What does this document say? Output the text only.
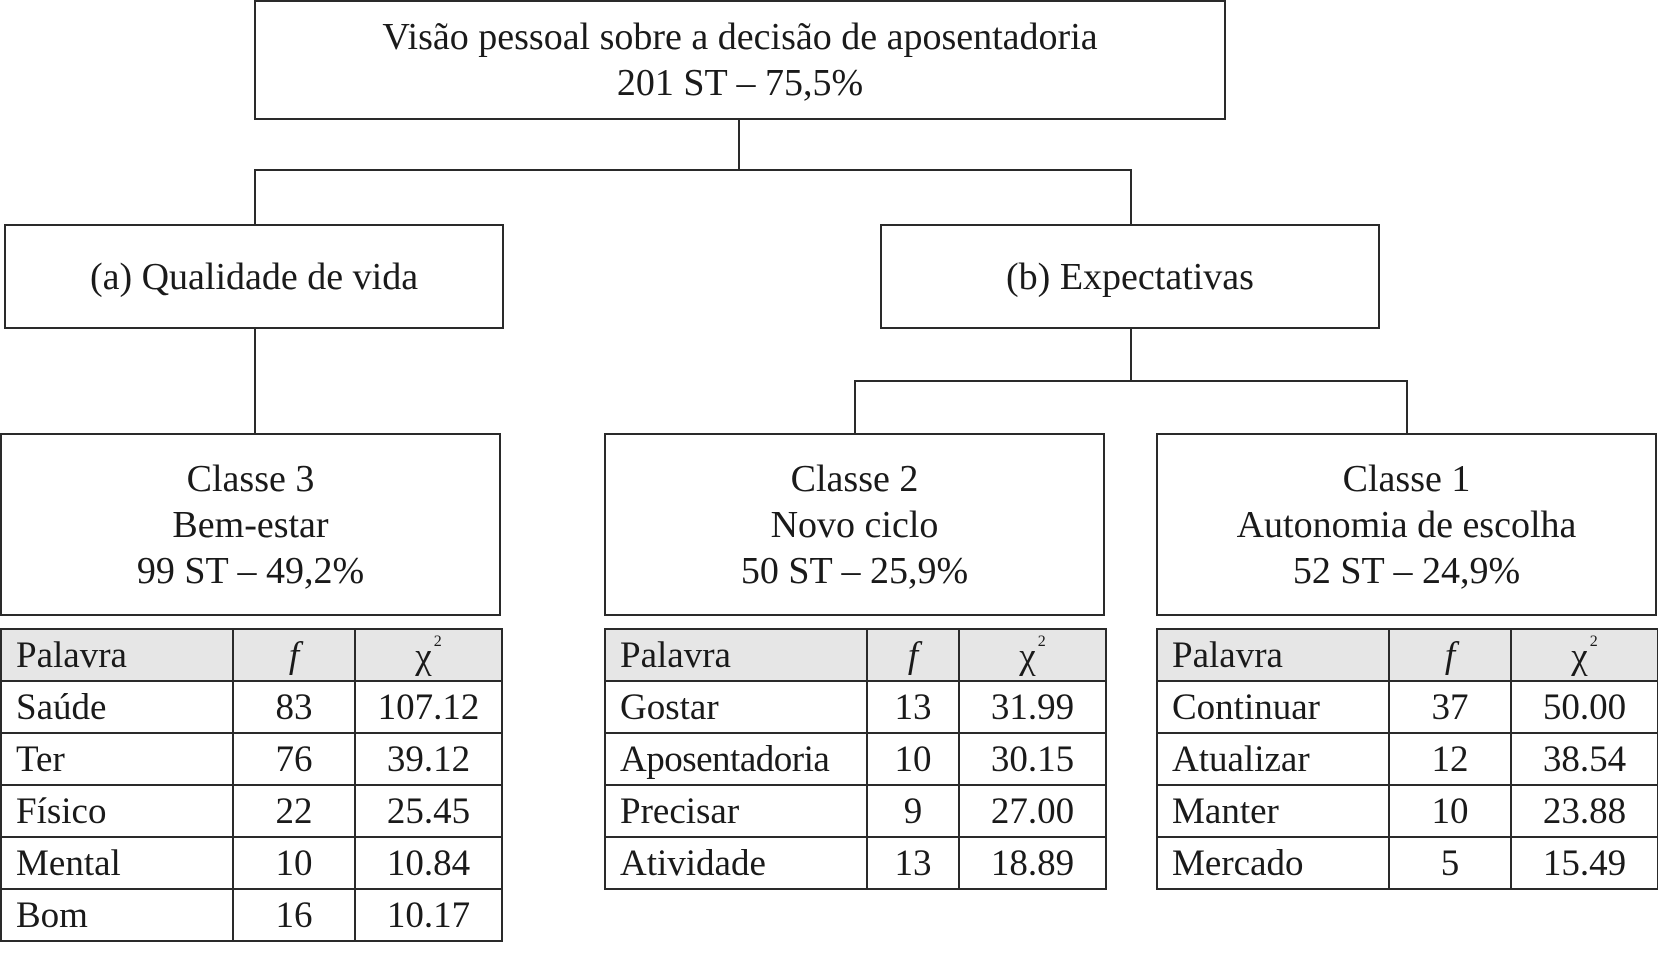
Visão pessoal sobre a decisão de aposentadoria
201 ST – 75,5%
(a) Qualidade de vida	(b) Expectativas
Classe 3
Bem-estar
99 ST – 49,2%
Classe 2
Novo ciclo
50 ST – 25,9%
Classe 1
Autonomia de escolha
52 ST – 24,9%
Palavra	f	χ $^2$
Saúde	83	107.12
Ter	76	39.12
Físico	22	25.45
Mental	10	10.84
Bom	16	10.17
Palavra	f	χ $^2$
Gostar	13	31.99
Aposentadoria	10	30.15
Precisar	9	27.00
Atividade	13	18.89
Palavra	f	χ $^2$
Continuar	37	50.00
Atualizar	12	38.54
Manter	10	23.88
Mercado	5	15.49
